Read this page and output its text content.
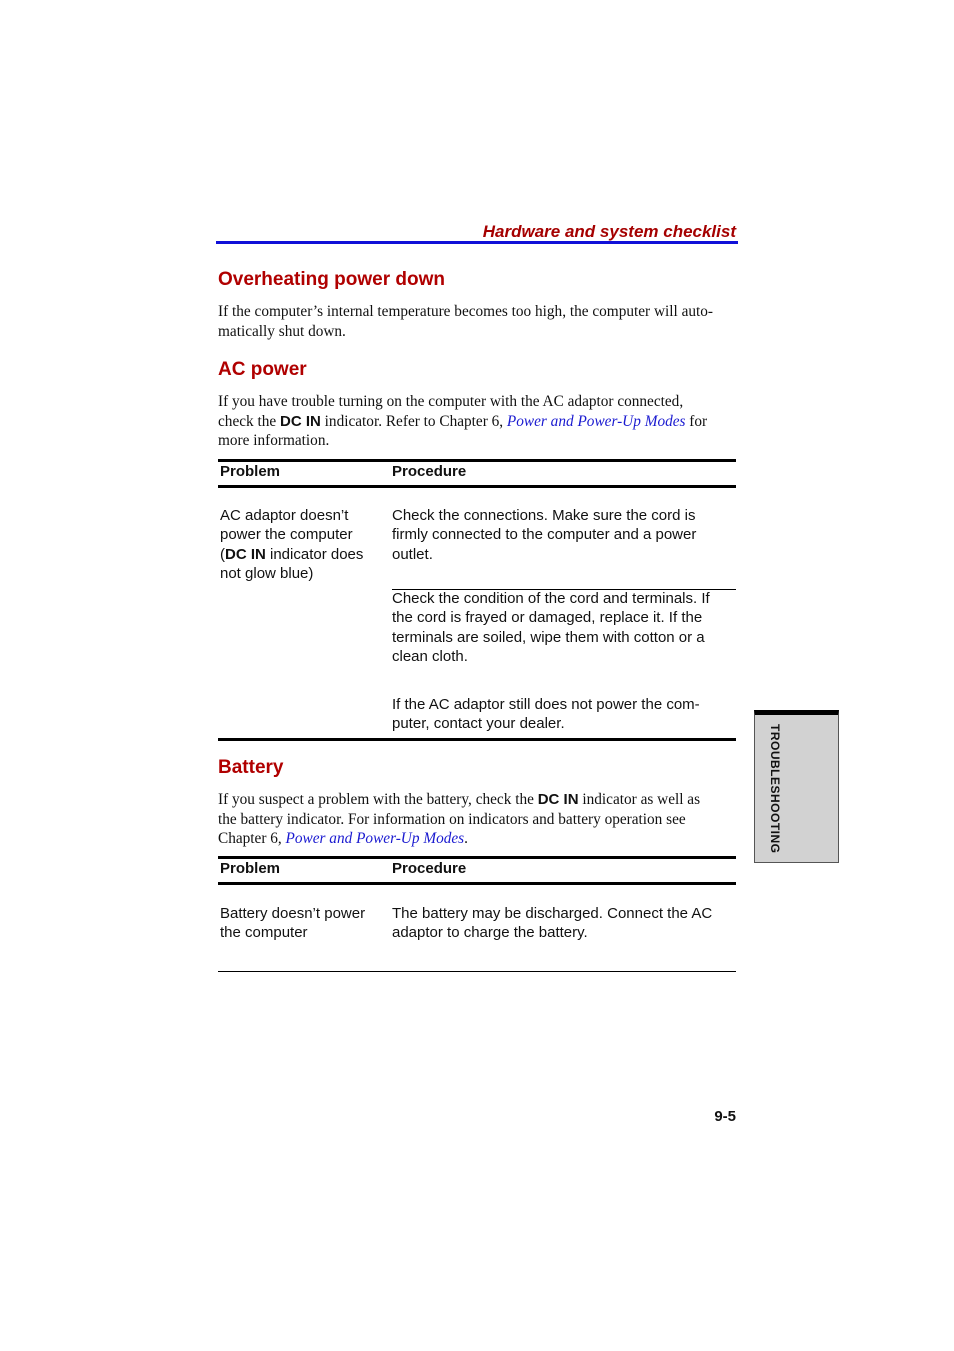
Hardware and system checklist
Overheating power down
If the computer’s internal temperature becomes too high, the computer will auto-
matically shut down.
AC power
If you have trouble turning on the computer with the AC adaptor connected,
check the DC IN indicator. Refer to Chapter 6, Power and Power-Up Modes for
more information.
Problem	Procedure
AC adaptor doesn’t
power the computer
(DC IN indicator does
not glow blue)
Check the connections. Make sure the cord is
firmly connected to the computer and a power
outlet.
Check the condition of the cord and terminals. If
the cord is frayed or damaged, replace it. If the
terminals are soiled, wipe them with cotton or a
clean cloth.
If the AC adaptor still does not power the com-
puter, contact your dealer.
Battery
If you suspect a problem with the battery, check the DC IN indicator as well as
the battery indicator. For information on indicators and battery operation see
Chapter 6, Power and Power-Up Modes.
Problem	Procedure
Battery doesn’t power
the computer
The battery may be discharged. Connect the AC
adaptor to charge the battery.
TROUBLESHOOTING
9-5
